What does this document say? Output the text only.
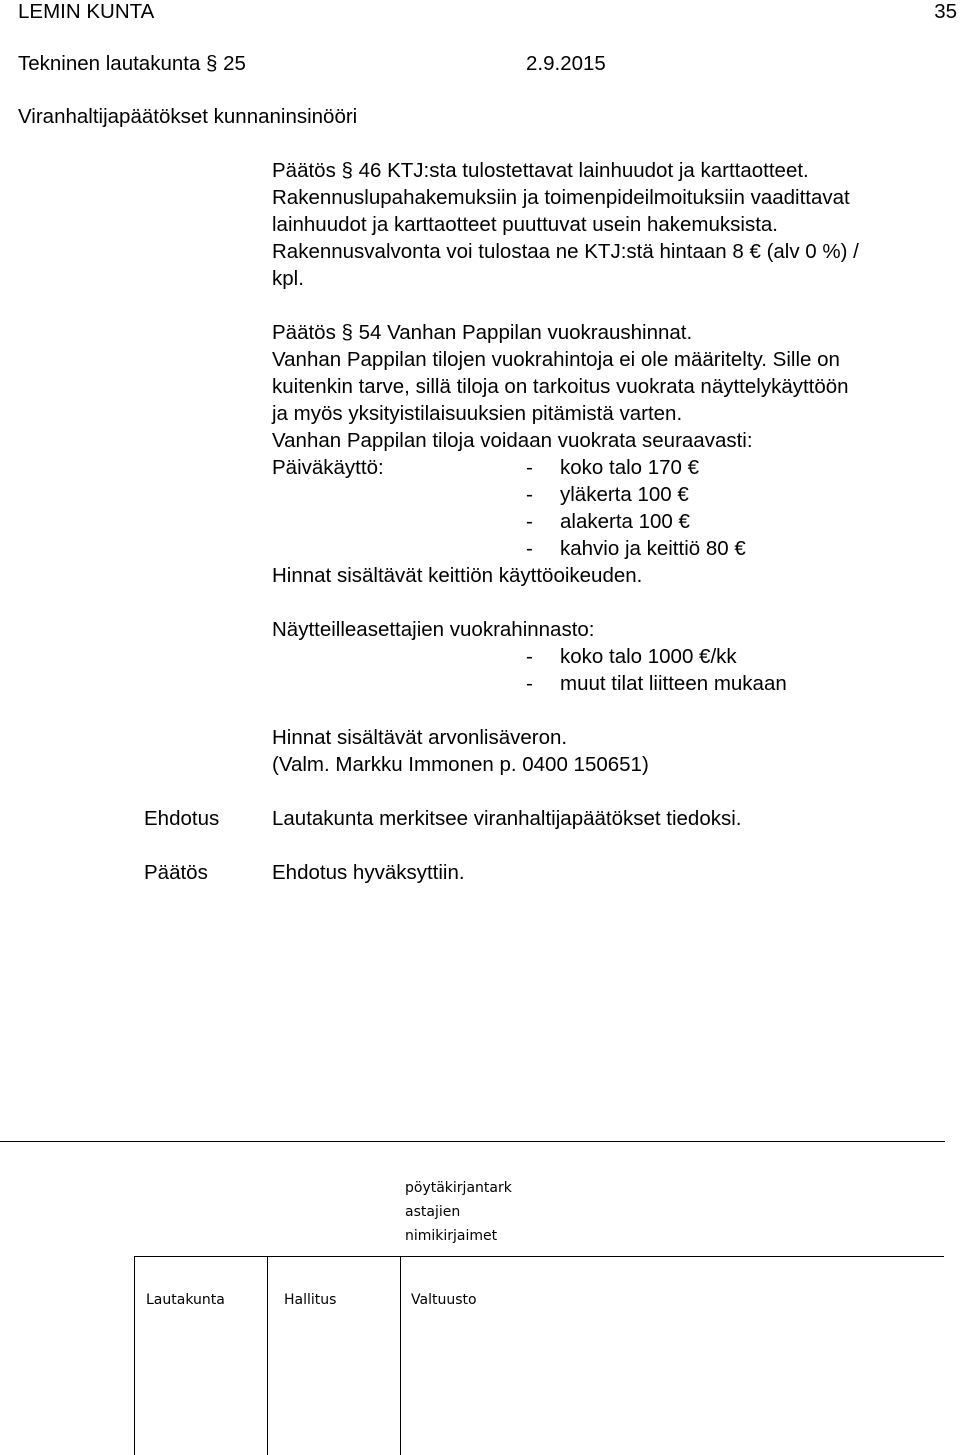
LEMIN KUNTA	35
Tekninen lautakunta § 25	2.9.2015
Viranhaltijapäätökset kunnaninsinööri
Päätös § 46 KTJ:sta tulostettavat lainhuudot ja karttaotteet.
Rakennuslupahakemuksiin ja toimenpideilmoituksiin vaadittavat
lainhuudot ja karttaotteet puuttuvat usein hakemuksista.
Rakennusvalvonta voi tulostaa ne KTJ:stä hintaan 8 € (alv 0 %) /
kpl.
Päätös § 54 Vanhan Pappilan vuokraushinnat.
Vanhan Pappilan tilojen vuokrahintoja ei ole määritelty. Sille on
kuitenkin tarve, sillä tiloja on tarkoitus vuokrata näyttelykäyttöön
ja myös yksityistilaisuuksien pitämistä varten.
Vanhan Pappilan tiloja voidaan vuokrata seuraavasti:
Päiväkäyttö:	- koko talo 170 €
- yläkerta 100 €
- alakerta 100 €
- kahvio ja keittiö 80 €
Hinnat sisältävät keittiön käyttöoikeuden.
Näytteilleasettajien vuokrahinnasto:
- koko talo 1000 €/kk
- muut tilat liitteen mukaan
Hinnat sisältävät arvonlisäveron.
(Valm. Markku Immonen p. 0400 150651)
Ehdotus	Lautakunta merkitsee viranhaltijapäätökset tiedoksi.
Päätös	Ehdotus hyväksyttiin.
pöytäkirjantark
astajien
nimikirjaimet
Lautakunta	Hallitus	Valtuusto
